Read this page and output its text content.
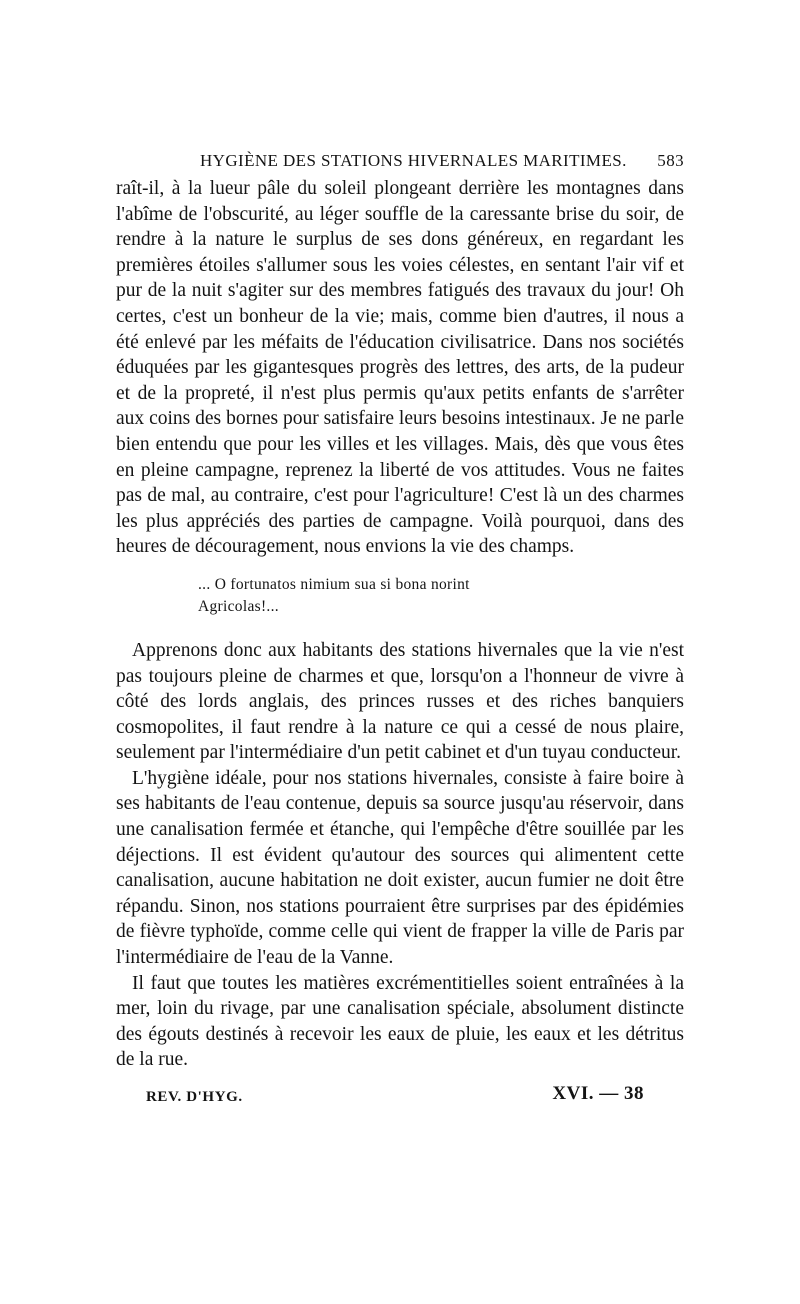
HYGIÈNE DES STATIONS HIVERNALES MARITIMES. 583

raît-il, à la lueur pâle du soleil plongeant derrière les montagnes dans l'abîme de l'obscurité, au léger souffle de la caressante brise du soir, de rendre à la nature le surplus de ses dons généreux, en regardant les premières étoiles s'allumer sous les voies célestes, en sentant l'air vif et pur de la nuit s'agiter sur des membres fatigués des travaux du jour! Oh certes, c'est un bonheur de la vie; mais, comme bien d'autres, il nous a été enlevé par les méfaits de l'éducation civilisatrice. Dans nos sociétés éduquées par les gigantesques progrès des lettres, des arts, de la pudeur et de la propreté, il n'est plus permis qu'aux petits enfants de s'arrêter aux coins des bornes pour satisfaire leurs besoins intestinaux. Je ne parle bien entendu que pour les villes et les villages. Mais, dès que vous êtes en pleine campagne, reprenez la liberté de vos attitudes. Vous ne faites pas de mal, au contraire, c'est pour l'agriculture! C'est là un des charmes les plus appréciés des parties de campagne. Voilà pourquoi, dans des heures de découragement, nous envions la vie des champs.

... O fortunatos nimium sua si bona norint
Agricolas!...

Apprenons donc aux habitants des stations hivernales que la vie n'est pas toujours pleine de charmes et que, lorsqu'on a l'honneur de vivre à côté des lords anglais, des princes russes et des riches banquiers cosmopolites, il faut rendre à la nature ce qui a cessé de nous plaire, seulement par l'intermédiaire d'un petit cabinet et d'un tuyau conducteur.

L'hygiène idéale, pour nos stations hivernales, consiste à faire boire à ses habitants de l'eau contenue, depuis sa source jusqu'au réservoir, dans une canalisation fermée et étanche, qui l'empêche d'être souillée par les déjections. Il est évident qu'autour des sources qui alimentent cette canalisation, aucune habitation ne doit exister, aucun fumier ne doit être répandu. Sinon, nos stations pourraient être surprises par des épidémies de fièvre typhoïde, comme celle qui vient de frapper la ville de Paris par l'intermédiaire de l'eau de la Vanne.

Il faut que toutes les matières excrémentitielles soient entraînées à la mer, loin du rivage, par une canalisation spéciale, absolument distincte des égouts destinés à recevoir les eaux de pluie, les eaux et les détritus de la rue.

REV. D'HYG.	XVI. — 38
